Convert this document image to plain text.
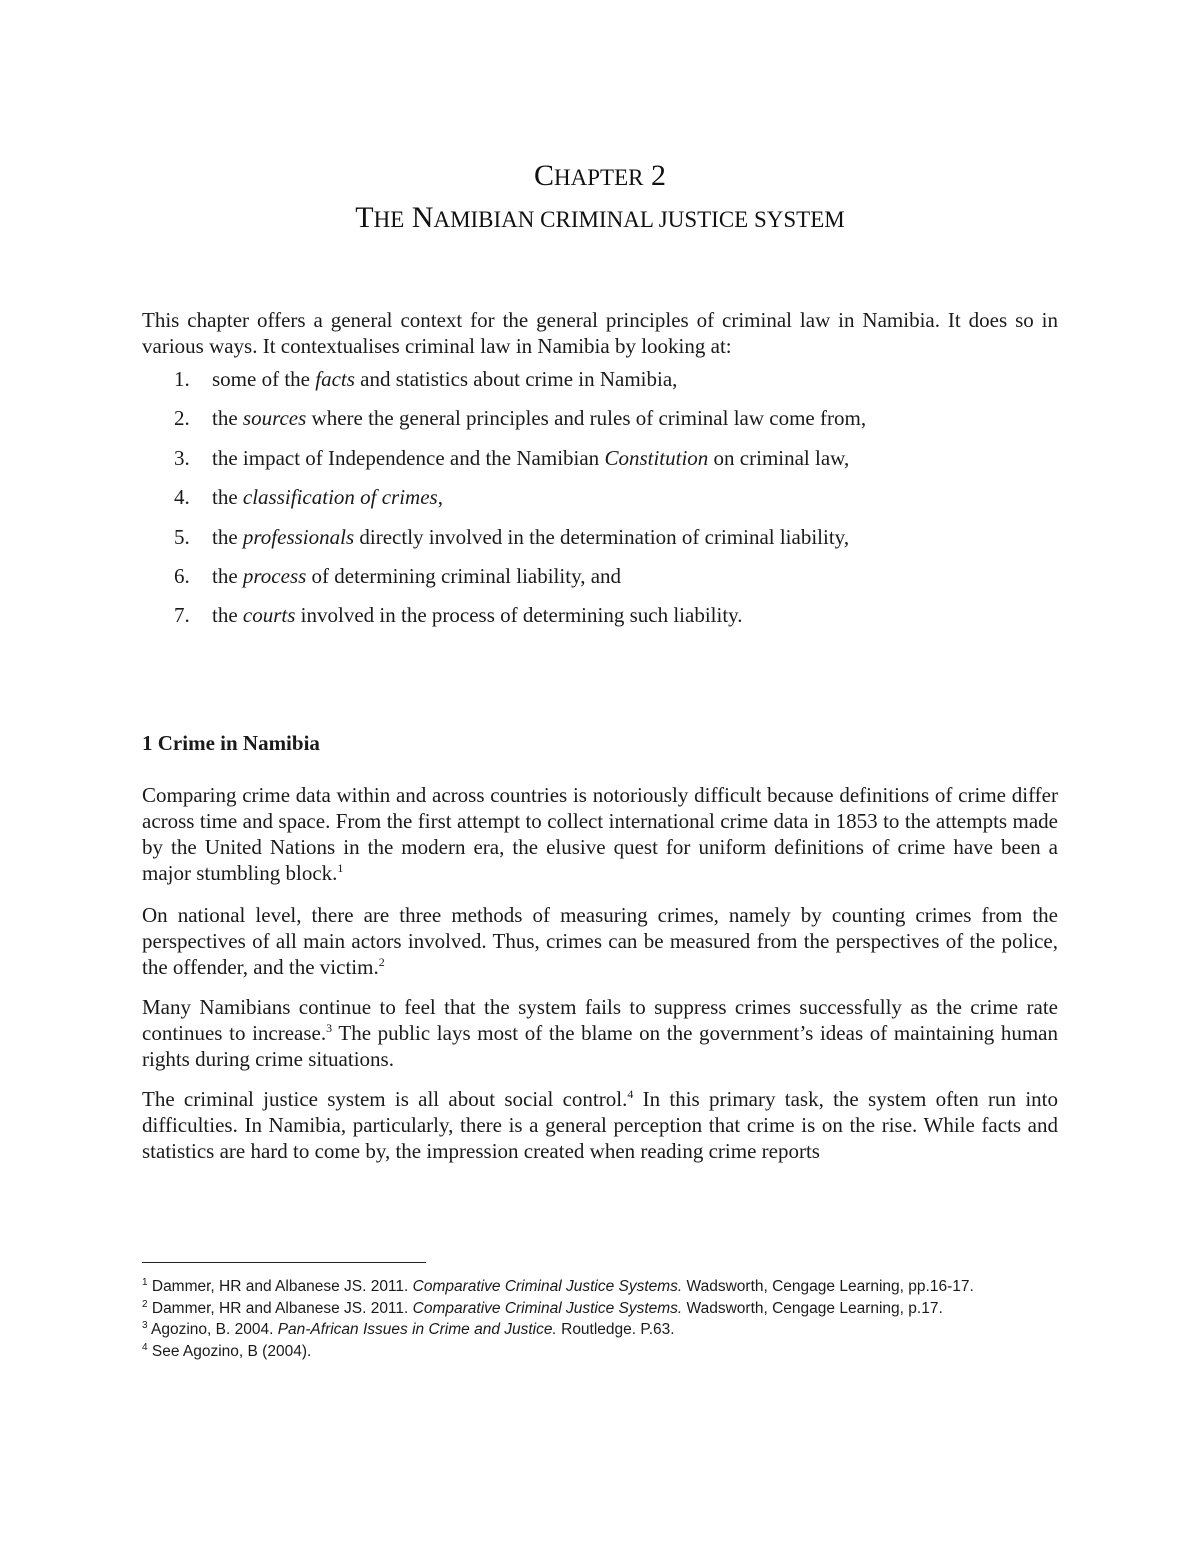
CHAPTER 2
THE NAMIBIAN CRIMINAL JUSTICE SYSTEM

This chapter offers a general context for the general principles of criminal law in Namibia. It does so in various ways. It contextualises criminal law in Namibia by looking at:

1. some of the facts and statistics about crime in Namibia,
2. the sources where the general principles and rules of criminal law come from,
3. the impact of Independence and the Namibian Constitution on criminal law,
4. the classification of crimes,
5. the professionals directly involved in the determination of criminal liability,
6. the process of determining criminal liability, and
7. the courts involved in the process of determining such liability.
1 Crime in Namibia

Comparing crime data within and across countries is notoriously difficult because definitions of crime differ across time and space. From the first attempt to collect international crime data in 1853 to the attempts made by the United Nations in the modern era, the elusive quest for uniform definitions of crime have been a major stumbling block.$^1$

On national level, there are three methods of measuring crimes, namely by counting crimes from the perspectives of all main actors involved. Thus, crimes can be measured from the perspectives of the police, the offender, and the victim.$^2$

Many Namibians continue to feel that the system fails to suppress crimes successfully as the crime rate continues to increase.$^3$ The public lays most of the blame on the government’s ideas of maintaining human rights during crime situations.

The criminal justice system is all about social control.$^4$ In this primary task, the system often run into difficulties. In Namibia, particularly, there is a general perception that crime is on the rise. While facts and statistics are hard to come by, the impression created when reading crime reports

$^1$ Dammer, HR and Albanese JS. 2011. Comparative Criminal Justice Systems. Wadsworth, Cengage Learning, pp.16-17.
$^2$ Dammer, HR and Albanese JS. 2011. Comparative Criminal Justice Systems. Wadsworth, Cengage Learning, p.17.
$^3$ Agozino, B. 2004. Pan-African Issues in Crime and Justice. Routledge. P.63.
$^4$ See Agozino, B (2004).
